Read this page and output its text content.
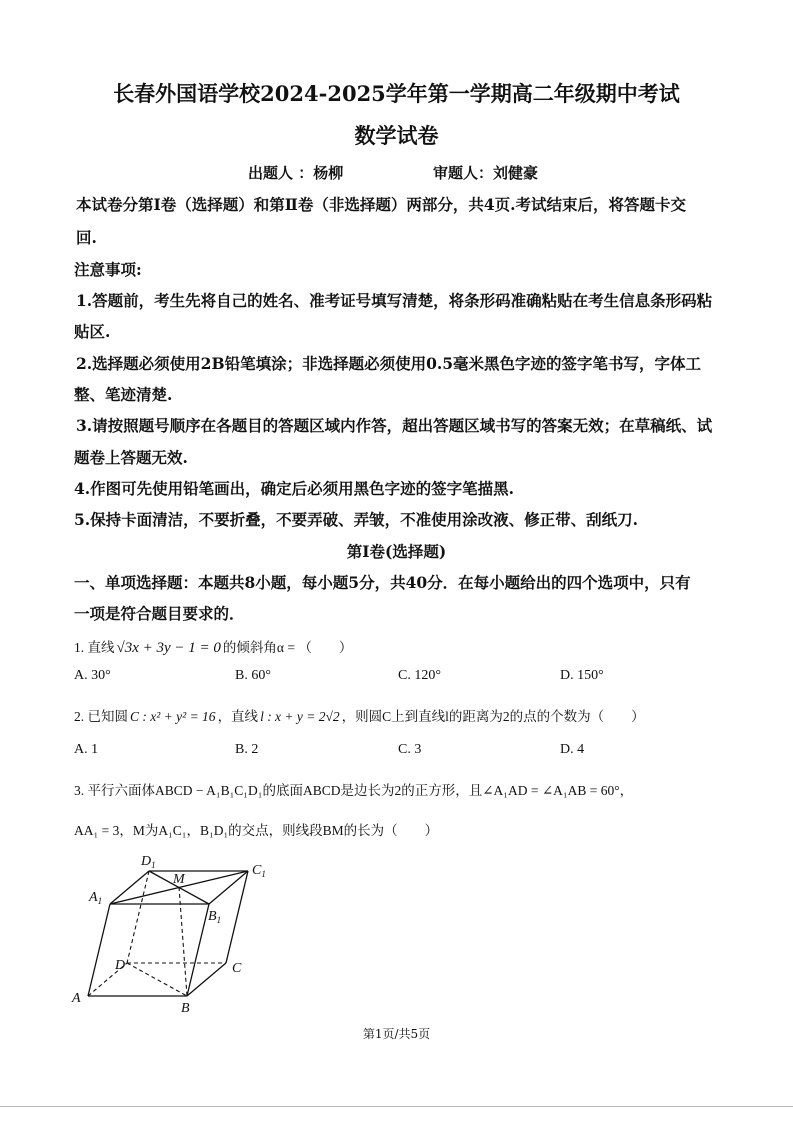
长春外国语学校2024-2025学年第一学期高二年级期中考试
数学试卷
出题人 ：杨柳	审题人：刘健豪
本试卷分第Ⅰ卷（选择题）和第Ⅱ卷（非选择题）两部分，共4页.考试结束后，将答题卡交
回.
注意事项:
1.答题前，考生先将自己的姓名、准考证号填写清楚，将条形码准确粘贴在考生信息条形码粘
贴区.
2.选择题必须使用2B铅笔填涂；非选择题必须使用0.5毫米黑色字迹的签字笔书写，字体工
整、笔迹清楚.
3.请按照题号顺序在各题目的答题区域内作答，超出答题区域书写的答案无效；在草稿纸、试
题卷上答题无效.
4.作图可先使用铅笔画出，确定后必须用黑色字迹的签字笔描黑.
5.保持卡面清洁，不要折叠，不要弄破、弄皱，不准使用涂改液、修正带、刮纸刀.
第Ⅰ卷(选择题)
一、单项选择题：本题共8小题，每小题5分，共40分．在每小题给出的四个选项中，只有
一项是符合题目要求的．
1. 直线 √3x + 3y − 1 = 0 的倾斜角α = （　　）
A. 30°	B. 60°	C. 120°	D. 150°
2. 已知圆 C : x² + y² = 16 ，直线 l : x + y = 2√2 ，则圆C上到直线l的距离为2的点的个数为（　　）
A. 1	B. 2	C. 3	D. 4
3. 平行六面体ABCD − A₁B₁C₁D₁的底面ABCD是边长为2的正方形，且∠A₁AD = ∠A₁AB = 60°，
AA₁ = 3，M为A₁C₁，B₁D₁的交点，则线段BM的长为（　　）
$D_1$
M
$C_1$
$A_1$
$B_1$
D	C
A
B
第1页/共5页
